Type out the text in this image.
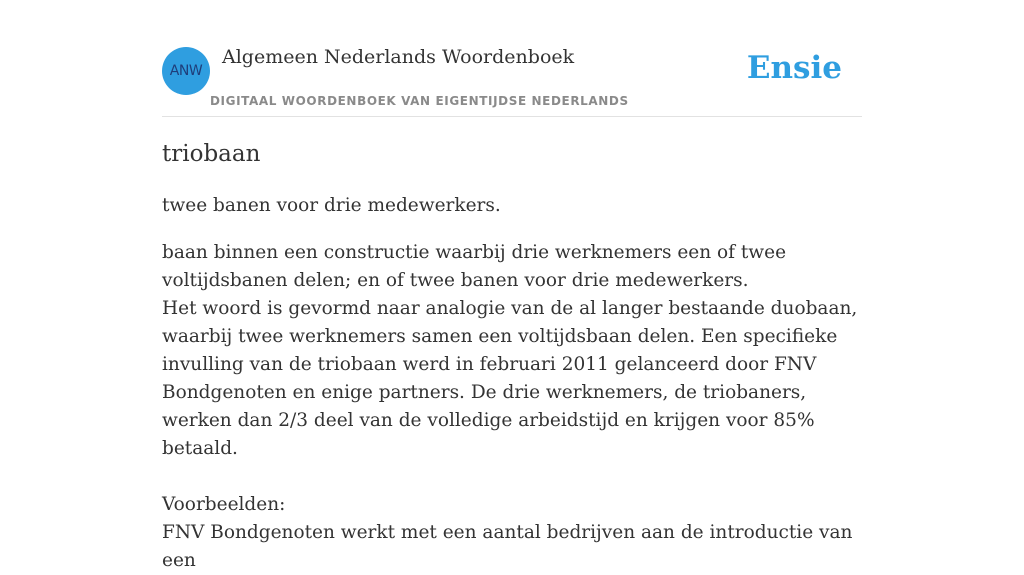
ANW
Algemeen Nederlands Woordenboek
DIGITAAL WOORDENBOEK VAN EIGENTIJDSE NEDERLANDS
Ensie
triobaan

twee banen voor drie medewerkers.

baan binnen een constructie waarbij drie werknemers een of twee voltijdsbanen delen; en of twee banen voor drie medewerkers.
Het woord is gevormd naar analogie van de al langer bestaande duobaan, waarbij twee werknemers samen een voltijdsbaan delen. Een specifieke invulling van de triobaan werd in februari 2011 gelanceerd door FNV Bondgenoten en enige partners. De drie werknemers, de triobaners, werken dan 2/3 deel van de volledige arbeidstijd en krijgen voor 85% betaald.

Voorbeelden:
FNV Bondgenoten werkt met een aantal bedrijven aan de introductie van een
